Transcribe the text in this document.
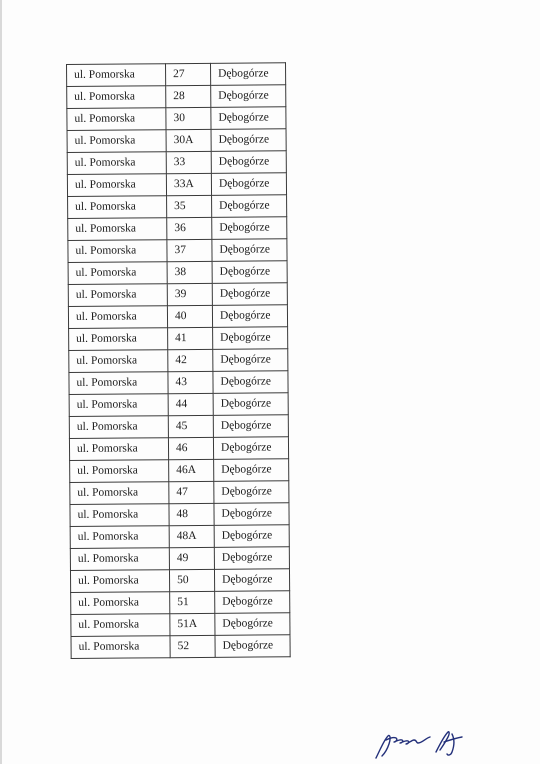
ul. Pomorska	27	Dębogórze
ul. Pomorska	28	Dębogórze
ul. Pomorska	30	Dębogórze
ul. Pomorska	30A	Dębogórze
ul. Pomorska	33	Dębogórze
ul. Pomorska	33A	Dębogórze
ul. Pomorska	35	Dębogórze
ul. Pomorska	36	Dębogórze
ul. Pomorska	37	Dębogórze
ul. Pomorska	38	Dębogórze
ul. Pomorska	39	Dębogórze
ul. Pomorska	40	Dębogórze
ul. Pomorska	41	Dębogórze
ul. Pomorska	42	Dębogórze
ul. Pomorska	43	Dębogórze
ul. Pomorska	44	Dębogórze
ul. Pomorska	45	Dębogórze
ul. Pomorska	46	Dębogórze
ul. Pomorska	46A	Dębogórze
ul. Pomorska	47	Dębogórze
ul. Pomorska	48	Dębogórze
ul. Pomorska	48A	Dębogórze
ul. Pomorska	49	Dębogórze
ul. Pomorska	50	Dębogórze
ul. Pomorska	51	Dębogórze
ul. Pomorska	51A	Dębogórze
ul. Pomorska	52	Dębogórze
